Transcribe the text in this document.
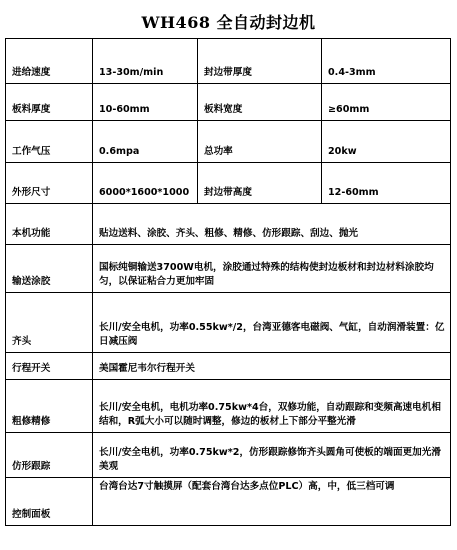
WH468 全自动封边机
进给速度	13-30m/min	封边带厚度	0.4-3mm
板料厚度	10-60mm	板料宽度	≥60mm
工作气压	0.6mpa	总功率	20kw
外形尺寸	6000*1600*1000	封边带高度	12-60mm
本机功能	贴边送料、涂胶、齐头、粗修、精修、仿形跟踪、刮边、抛光		
输送涂胶	国标纯铜输送3700W电机，涂胶通过特殊的结构使封边板材和封边材料涂胶均匀，以保证粘合力更加牢固		
齐头	长川/安全电机，功率0.55kw*/2，台湾亚德客电磁阀、气缸，自动润滑装置：亿日减压阀		
行程开关	美国霍尼韦尔行程开关		
粗修精修	长川/安全电机，电机功率0.75kw*4台，双修功能，自动跟踪和变频高速电机相结和，R弧大小可以随时调整，修边的板材上下部分平整光滑		
仿形跟踪	长川/安全电机，功率0.75kw*2，仿形跟踪修饰齐头圆角可使板的端面更加光滑美观		
控制面板	台湾台达7寸触摸屏（配套台湾台达多点位PLC）高，中，低三档可调		
